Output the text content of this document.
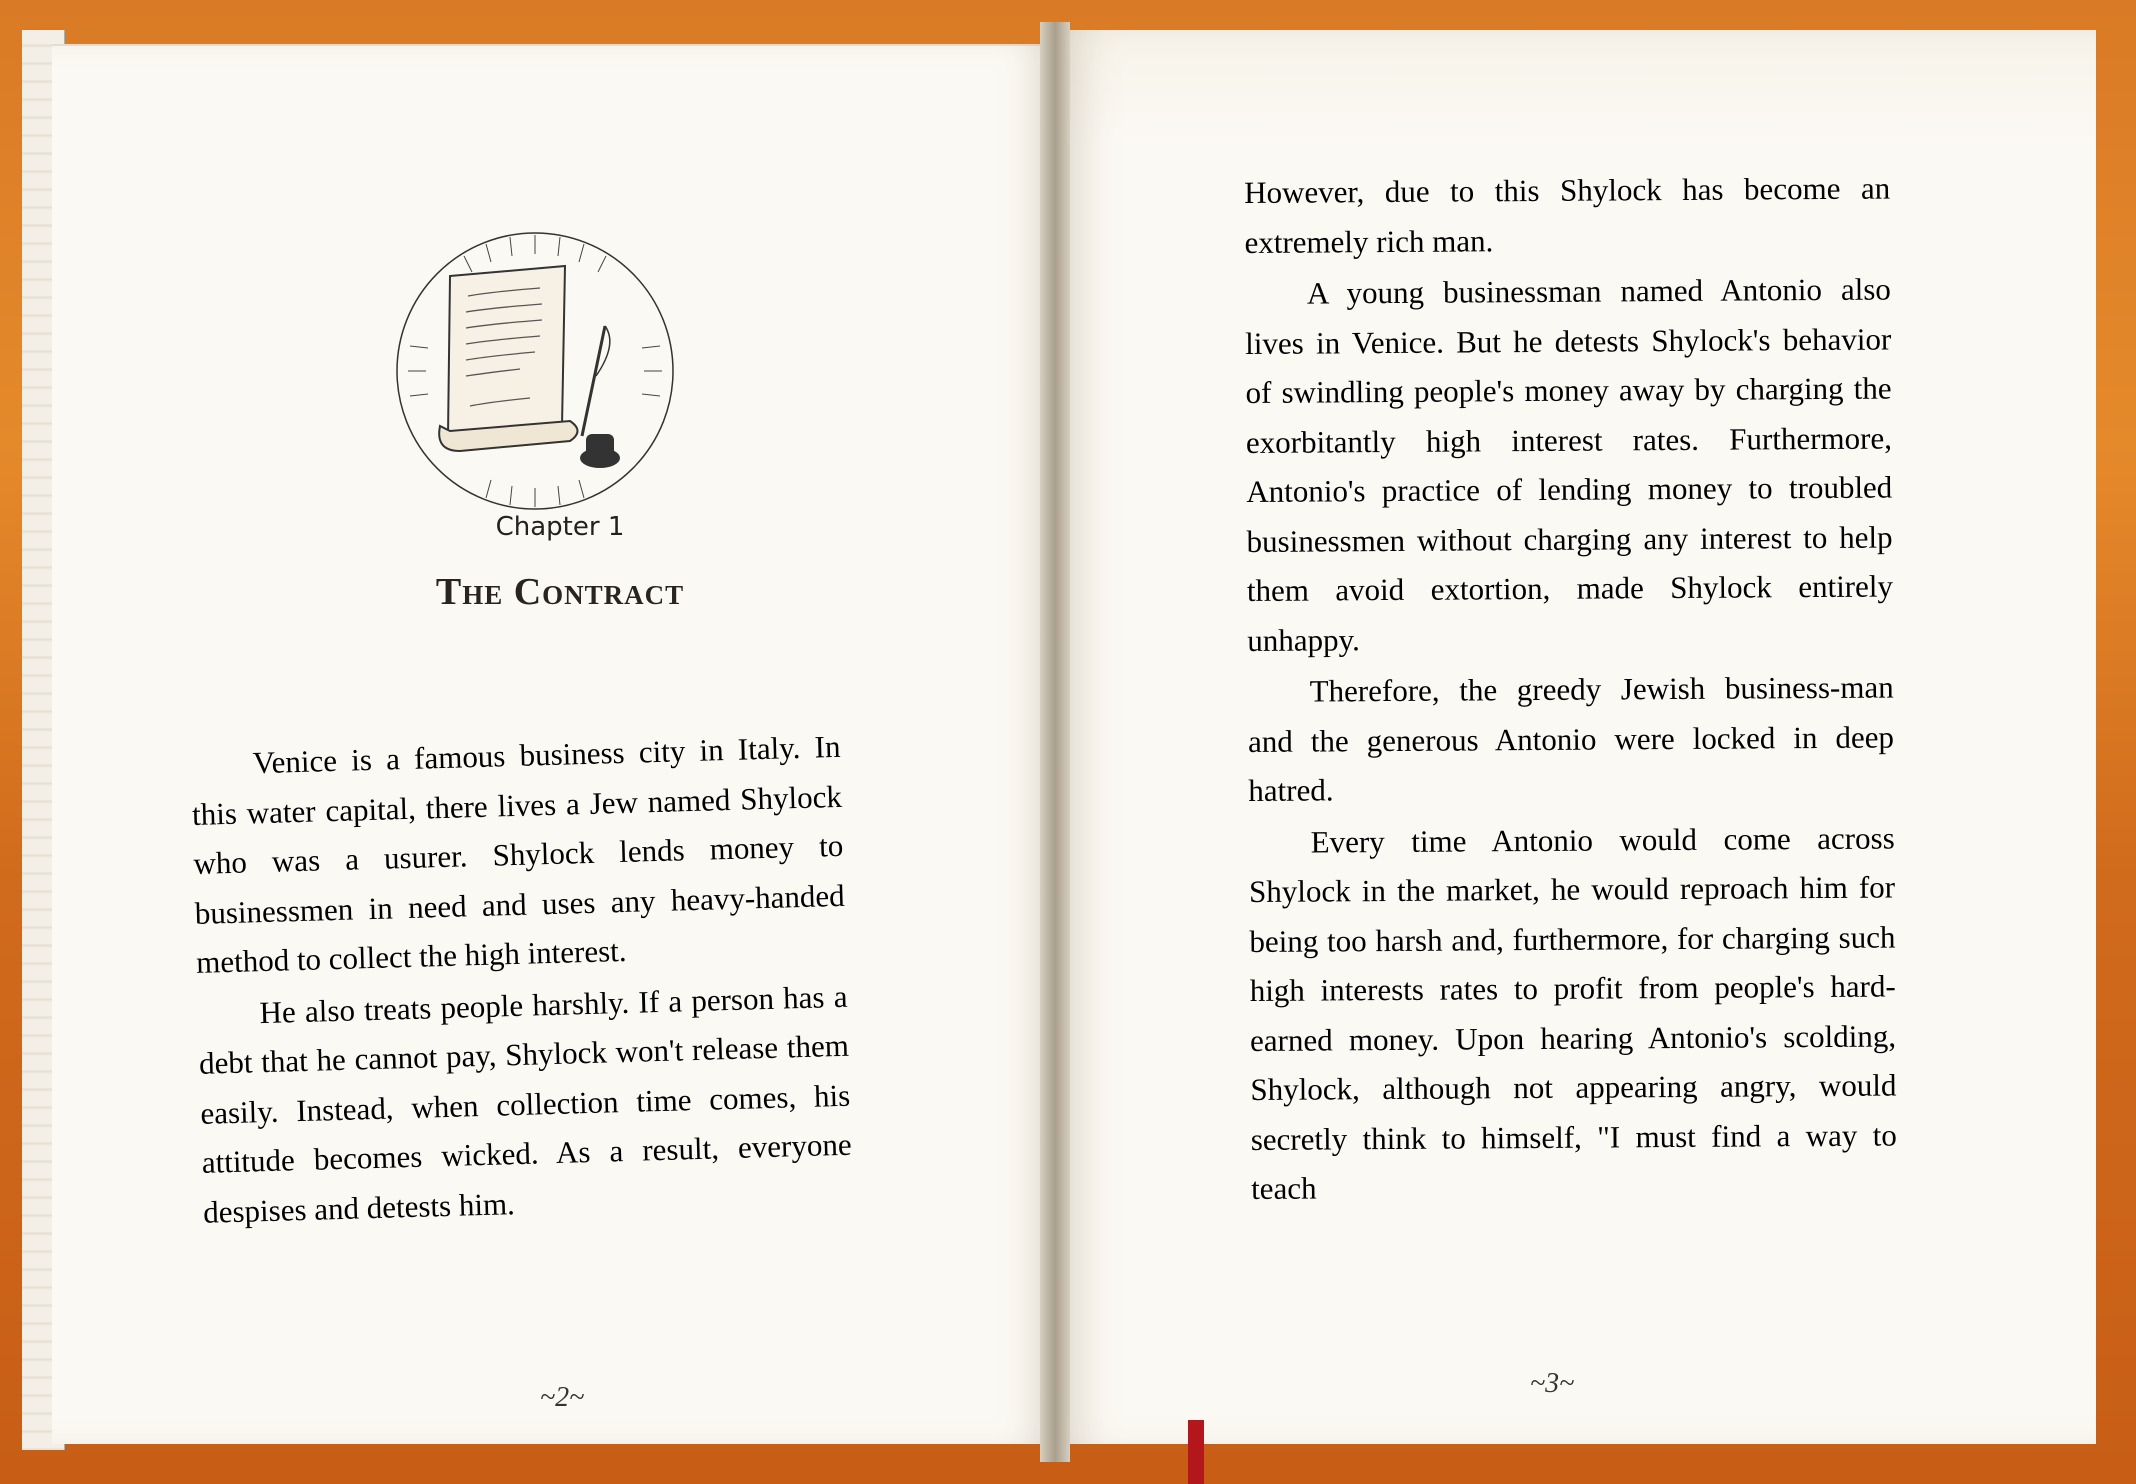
Chapter 1
The Contract

Venice is a famous business city in Italy. In this water capital, there lives a Jew named Shylock who was a usurer. Shylock lends money to businessmen in need and uses any heavy-handed method to collect the high interest.

He also treats people harshly. If a person has a debt that he cannot pay, Shylock won't release them easily. Instead, when collection time comes, his attitude becomes wicked. As a result, everyone despises and detests him.

However, due to this Shylock has become an extremely rich man.

A young businessman named Antonio also lives in Venice. But he detests Shylock's behavior of swindling people's money away by charging the exorbitantly high interest rates. Furthermore, Antonio's practice of lending money to troubled businessmen without charging any interest to help them avoid extortion, made Shylock entirely unhappy.

Therefore, the greedy Jewish business-man and the generous Antonio were locked in deep hatred.

Every time Antonio would come across Shylock in the market, he would reproach him for being too harsh and, furthermore, for charging such high interests rates to profit from people's hard-earned money. Upon hearing Antonio's scolding, Shylock, although not appearing angry, would secretly think to himself, "I must find a way to teach

~2~	~3~
